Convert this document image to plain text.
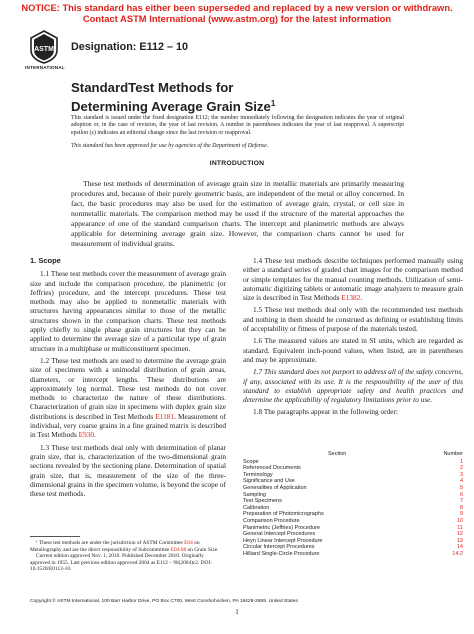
NOTICE: This standard has either been superseded and replaced by a new version or withdrawn.
Contact ASTM International (www.astm.org) for the latest information
ASTM
INTERNATIONAL
Designation: E112 – 10
StandardTest Methods for
Determining Average Grain Size$^1$
This standard is issued under the fixed designation E112; the number immediately following the designation indicates the year of original adoption or, in the case of revision, the year of last revision. A number in parentheses indicates the year of last reapproval. A superscript epsilon (ε) indicates an editorial change since the last revision or reapproval.
This standard has been approved for use by agencies of the Department of Defense.
INTRODUCTION
These test methods of determination of average grain size in metallic materials are primarily measuring procedures and, because of their purely geometric basis, are independent of the metal or alloy concerned. In fact, the basic procedures may also be used for the estimation of average grain, crystal, or cell size in nonmetallic materials. The comparison method may be used if the structure of the material approaches the appearance of one of the standard comparison charts. The intercept and planimetric methods are always applicable for determining average grain size. However, the comparison charts cannot be used for measurement of individual grains.
1. Scope

1.1 These test methods cover the measurement of average grain size and include the comparison procedure, the planimetric (or Jeffries) procedure, and the intercept procedures. These test methods may also be applied to nonmetallic materials with structures having appearances similar to those of the metallic structures shown in the comparison charts. These test methods apply chiefly to single phase grain structures but they can be applied to determine the average size of a particular type of grain structure in a multiphase or multiconstituent specimen.

1.2 These test methods are used to determine the average grain size of specimens with a unimodal distribution of grain areas, diameters, or intercept lengths. These distributions are approximately log normal. These test methods do not cover methods to characterize the nature of these distributions. Characterization of grain size in specimens with duplex grain size distributions is described in Test Methods E1181. Measurement of individual, very coarse grains in a fine grained matrix is described in Test Methods E930.

1.3 These test methods deal only with determination of planar grain size, that is, characterization of the two-dimensional grain sections revealed by the sectioning plane. Determination of spatial grain size, that is, measurement of the size of the three-dimensional grains in the specimen volume, is beyond the scope of these test methods.

1.4 These test methods describe techniques performed manually using either a standard series of graded chart images for the comparison method or simple templates for the manual counting methods. Utilization of semi-automatic digitizing tablets or automatic image analyzers to measure grain size is described in Test Methods E1382.

1.5 These test methods deal only with the recommended test methods and nothing in them should be construed as defining or establishing limits of acceptability or fitness of purpose of the materials tested.

1.6 The measured values are stated in SI units, which are regarded as standard. Equivalent inch-pound values, when listed, are in parentheses and may be approximate.

1.7 This standard does not purport to address all of the safety concerns, if any, associated with its use. It is the responsibility of the user of this standard to establish appropriate safety and health practices and determine the applicability of regulatory limitations prior to use.

1.8 The paragraphs appear in the following order:

Section	Number
Scope	1
Referenced Documents	2
Terminology	3
Significance and Use	4
Generalities of Application	5
Sampling	6
Test Specimens	7
Calibration	8
Preparation of Photomicrographs	9
Comparison Procedure	10
Planimetric (Jeffries) Procedure	11
General Intercept Procedures	12
Heyn Linear Intercept Procedure	13
Circular Intercept Procedures	14
Hilliard Single-Circle Procedure	14.2

¹ These test methods are under the jurisdiction of ASTM Committee E04 on Metallography and are the direct responsibility of Subcommittee E04.08 on Grain Size.

Current edition approved Nov. 1, 2010. Published December 2010. Originally approved in 1955. Last previous edition approved 2004 as E112 – 96(2004)ε2. DOI: 10.1520/E0112-10.

Copyright © ASTM International, 100 Barr Harbor Drive, PO Box C700, West Conshohocken, PA 19428-2959. United States
1
